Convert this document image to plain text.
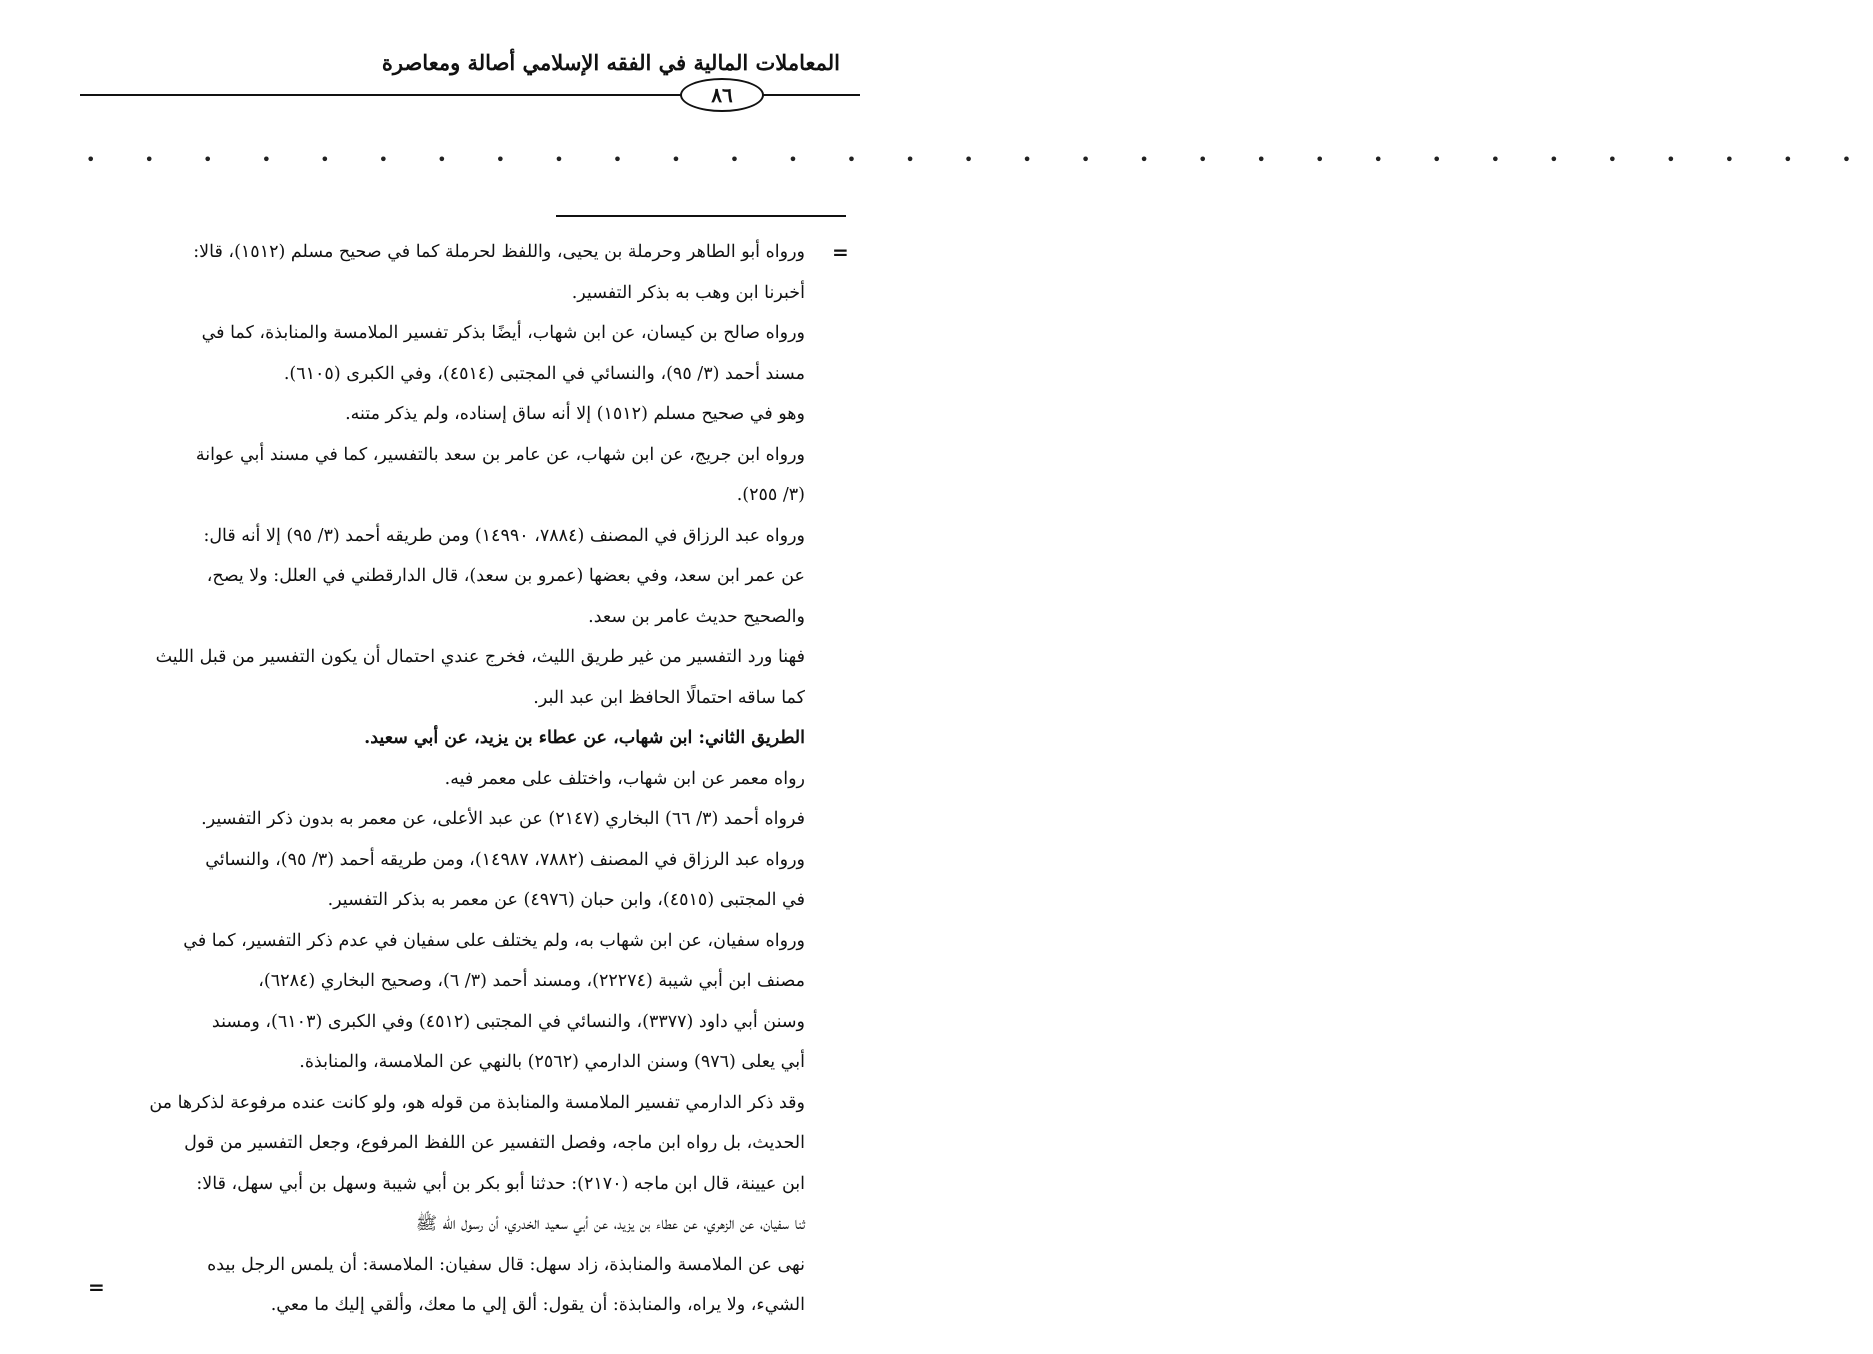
المعاملات المالية في الفقه الإسلامي أصالة ومعاصرة
٨٦
• • • • • • • • • • • • • • • • • • • • • • • • • • • • • • •
=
ورواه أبو الطاهر وحرملة بن يحيى، واللفظ لحرملة كما في صحيح مسلم (١٥١٢)، قالا:
أخبرنا ابن وهب به بذكر التفسير.
ورواه صالح بن كيسان، عن ابن شهاب، أيضًا بذكر تفسير الملامسة والمنابذة، كما في
مسند أحمد (٣/ ٩٥)، والنسائي في المجتبى (٤٥١٤)، وفي الكبرى (٦١٠٥).
وهو في صحيح مسلم (١٥١٢) إلا أنه ساق إسناده، ولم يذكر متنه.
ورواه ابن جريج، عن ابن شهاب، عن عامر بن سعد بالتفسير، كما في مسند أبي عوانة
(٣/ ٢٥٥).
ورواه عبد الرزاق في المصنف (٧٨٨٤، ١٤٩٩٠) ومن طريقه أحمد (٣/ ٩٥) إلا أنه قال:
عن عمر ابن سعد، وفي بعضها (عمرو بن سعد)، قال الدارقطني في العلل: ولا يصح،
والصحيح حديث عامر بن سعد.
فهنا ورد التفسير من غير طريق الليث، فخرج عندي احتمال أن يكون التفسير من قبل الليث
كما ساقه احتمالًا الحافظ ابن عبد البر.
الطريق الثاني: ابن شهاب، عن عطاء بن يزيد، عن أبي سعيد.
رواه معمر عن ابن شهاب، واختلف على معمر فيه.
فرواه أحمد (٣/ ٦٦) البخاري (٢١٤٧) عن عبد الأعلى، عن معمر به بدون ذكر التفسير.
ورواه عبد الرزاق في المصنف (٧٨٨٢، ١٤٩٨٧)، ومن طريقه أحمد (٣/ ٩٥)، والنسائي
في المجتبى (٤٥١٥)، وابن حبان (٤٩٧٦) عن معمر به بذكر التفسير.
ورواه سفيان، عن ابن شهاب به، ولم يختلف على سفيان في عدم ذكر التفسير، كما في
مصنف ابن أبي شيبة (٢٢٢٧٤)، ومسند أحمد (٣/ ٦)، وصحيح البخاري (٦٢٨٤)،
وسنن أبي داود (٣٣٧٧)، والنسائي في المجتبى (٤٥١٢) وفي الكبرى (٦١٠٣)، ومسند
أبي يعلى (٩٧٦) وسنن الدارمي (٢٥٦٢) بالنهي عن الملامسة، والمنابذة.
وقد ذكر الدارمي تفسير الملامسة والمنابذة من قوله هو، ولو كانت عنده مرفوعة لذكرها من
الحديث، بل رواه ابن ماجه، وفصل التفسير عن اللفظ المرفوع، وجعل التفسير من قول
ابن عيينة، قال ابن ماجه (٢١٧٠): حدثنا أبو بكر بن أبي شيبة وسهل بن أبي سهل، قالا:
ثنا سفيان، عن الزهري، عن عطاء بن يزيد، عن أبي سعيد الخدري، أن رسول الله ﷺ
نهى عن الملامسة والمنابذة، زاد سهل: قال سفيان: الملامسة: أن يلمس الرجل بيده
الشيء، ولا يراه، والمنابذة: أن يقول: ألق إلي ما معك، وألقي إليك ما معي.
=
